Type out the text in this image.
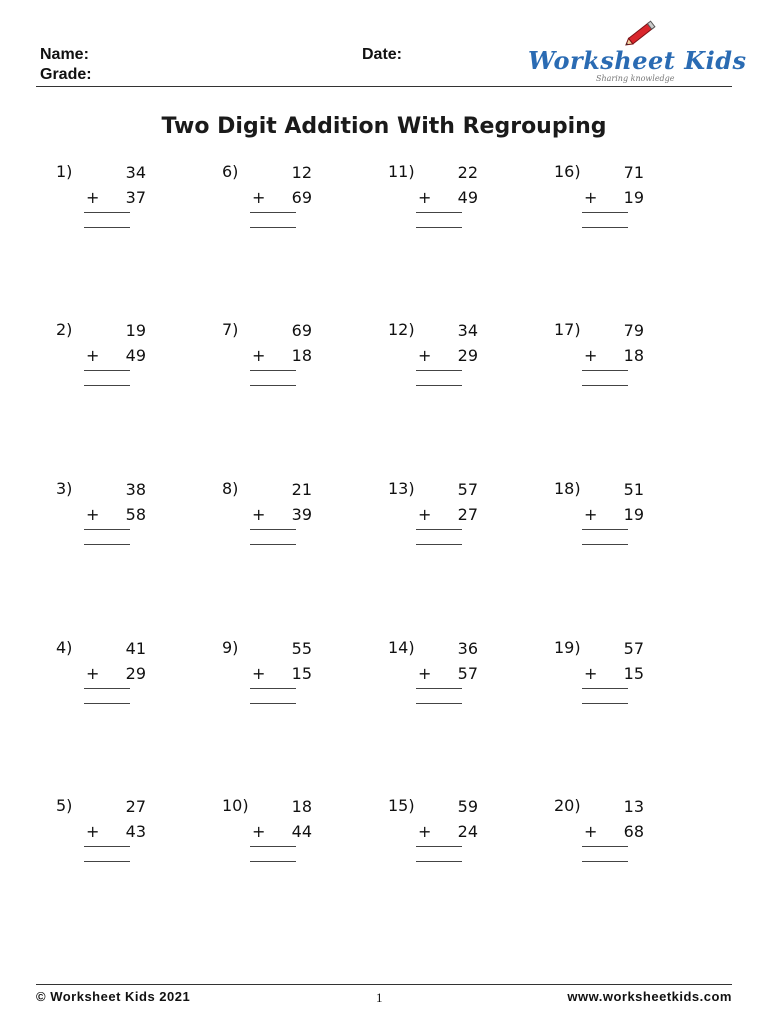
Name:
Grade:
Date:	Worksheet Kids
Sharing knowledge
Two Digit Addition With Regrouping
1)	34
+	37
2)	19
+	49
3)	38
+	58
4)	41
+	29
5)	27
+	43
6)	12
+	69
7)	69
+	18
8)	21
+	39
9)	55
+	15
10)	18
+	44
11)	22
+	49
12)	34
+	29
13)	57
+	27
14)	36
+	57
15)	59
+	24
16)	71
+	19
17)	79
+	18
18)	51
+	19
19)	57
+	15
20)	13
+	68
© Worksheet Kids 2021	1	www.worksheetkids.com
